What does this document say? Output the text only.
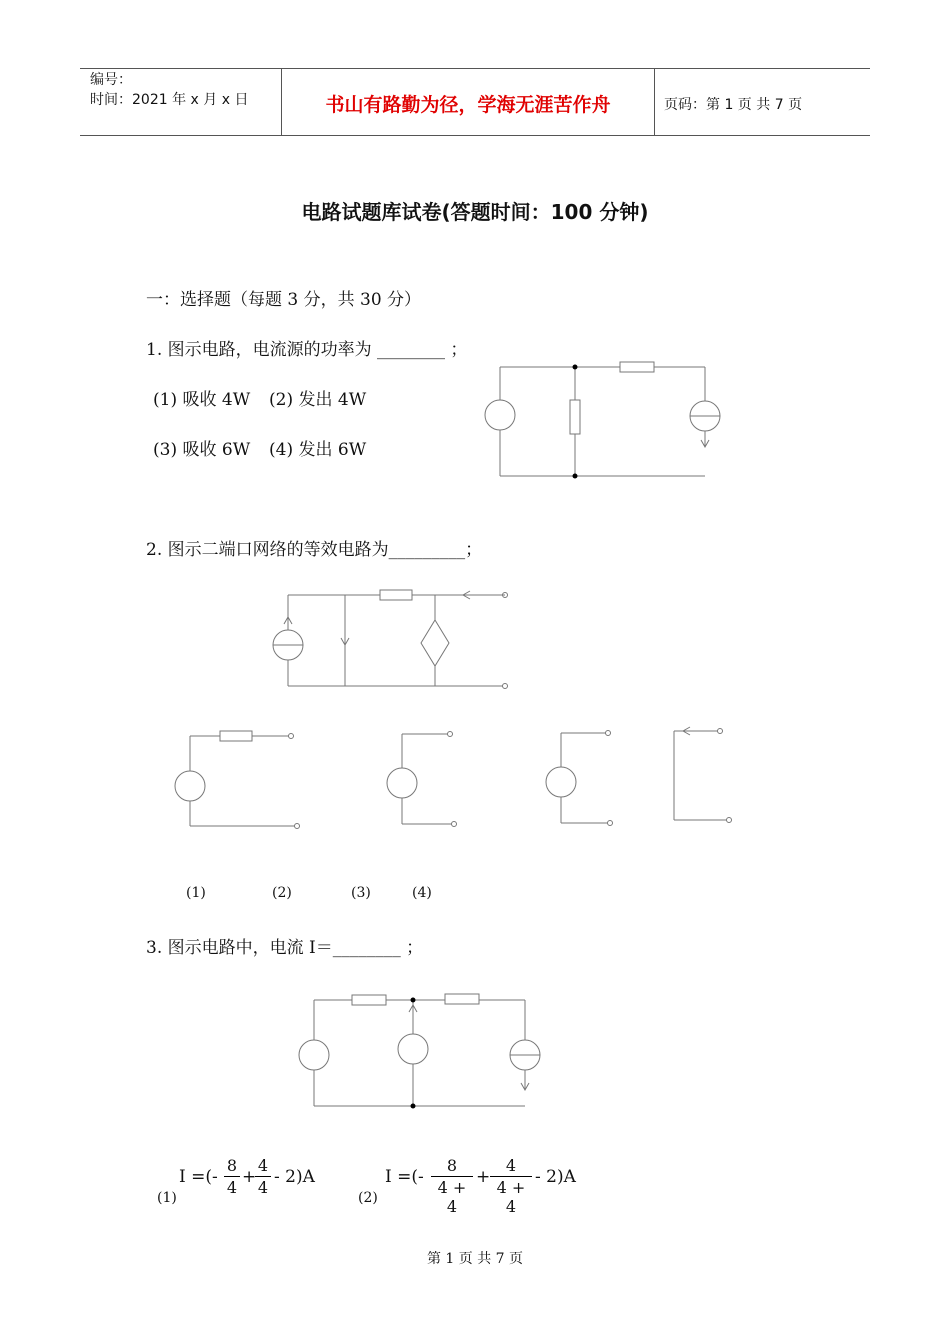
编号：
时间：2021 年 x 月 x 日	书山有路勤为径，学海无涯苦作舟	页码：第 1 页 共 7 页
电路试题库试卷(答题时间：100 分钟)
一：选择题（每题 3 分，共 30 分）
1. 图示电路，电流源的功率为 ________ ；
(1) 吸收 4W (2) 发出 4W
(3) 吸收 6W (4) 发出 6W
2. 图示二端口网络的等效电路为_________；
(1)	(2)	(3)	(4)
3. 图示电路中，电流 I＝________ ；
(1)
I =(-
8
4
+
4
4
- 2)A
(2)
I =(-
8
4 + 4
+
4
4 + 4
- 2)A
第 1 页 共 7 页
